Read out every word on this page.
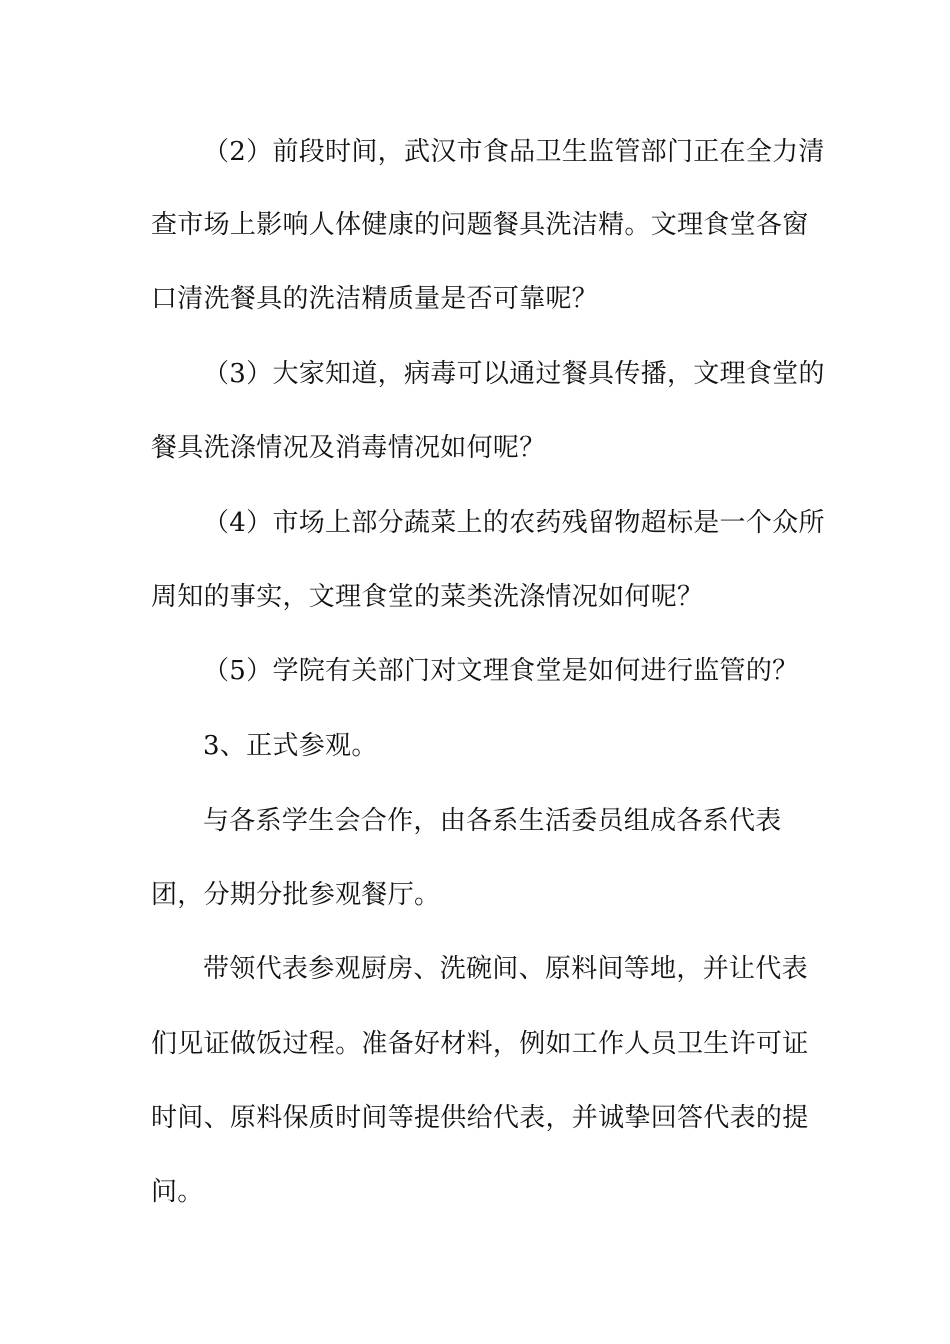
（2）前段时间，武汉市食品卫生监管部门正在全力清
查市场上影响人体健康的问题餐具洗洁精。文理食堂各窗
口清洗餐具的洗洁精质量是否可靠呢？
（3）大家知道，病毒可以通过餐具传播，文理食堂的
餐具洗涤情况及消毒情况如何呢？
（4）市场上部分蔬菜上的农药残留物超标是一个众所
周知的事实，文理食堂的菜类洗涤情况如何呢？
（5）学院有关部门对文理食堂是如何进行监管的？
3、正式参观。
与各系学生会合作，由各系生活委员组成各系代表
团，分期分批参观餐厅。
带领代表参观厨房、洗碗间、原料间等地，并让代表
们见证做饭过程。准备好材料，例如工作人员卫生许可证
时间、原料保质时间等提供给代表，并诚挚回答代表的提
问。
